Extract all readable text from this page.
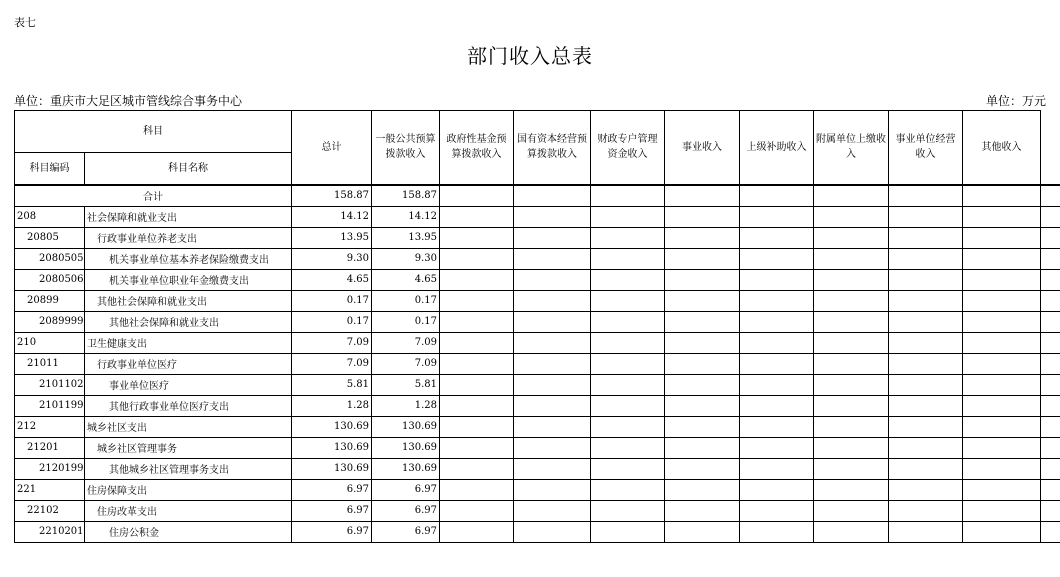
表七
部门收入总表
单位：重庆市大足区城市管线综合事务中心	单位：万元
科目		总计	一般公共预算拨款收入	政府性基金预算拨款收入	国有资本经营预算拨款收入	财政专户管理资金收入	事业收入	上级补助收入	附属单位上缴收入	事业单位经营收入	其他收入	
科目编码	科目名称											
合计		158.87	158.87									
208	社会保障和就业支出	14.12	14.12									
20805	行政事业单位养老支出	13.95	13.95									
2080505	机关事业单位基本养老保险缴费支出	9.30	9.30									
2080506	机关事业单位职业年金缴费支出	4.65	4.65									
20899	其他社会保障和就业支出	0.17	0.17									
2089999	其他社会保障和就业支出	0.17	0.17									
210	卫生健康支出	7.09	7.09									
21011	行政事业单位医疗	7.09	7.09									
2101102	事业单位医疗	5.81	5.81									
2101199	其他行政事业单位医疗支出	1.28	1.28									
212	城乡社区支出	130.69	130.69									
21201	城乡社区管理事务	130.69	130.69									
2120199	其他城乡社区管理事务支出	130.69	130.69									
221	住房保障支出	6.97	6.97									
22102	住房改革支出	6.97	6.97									
2210201	住房公积金	6.97	6.97									
